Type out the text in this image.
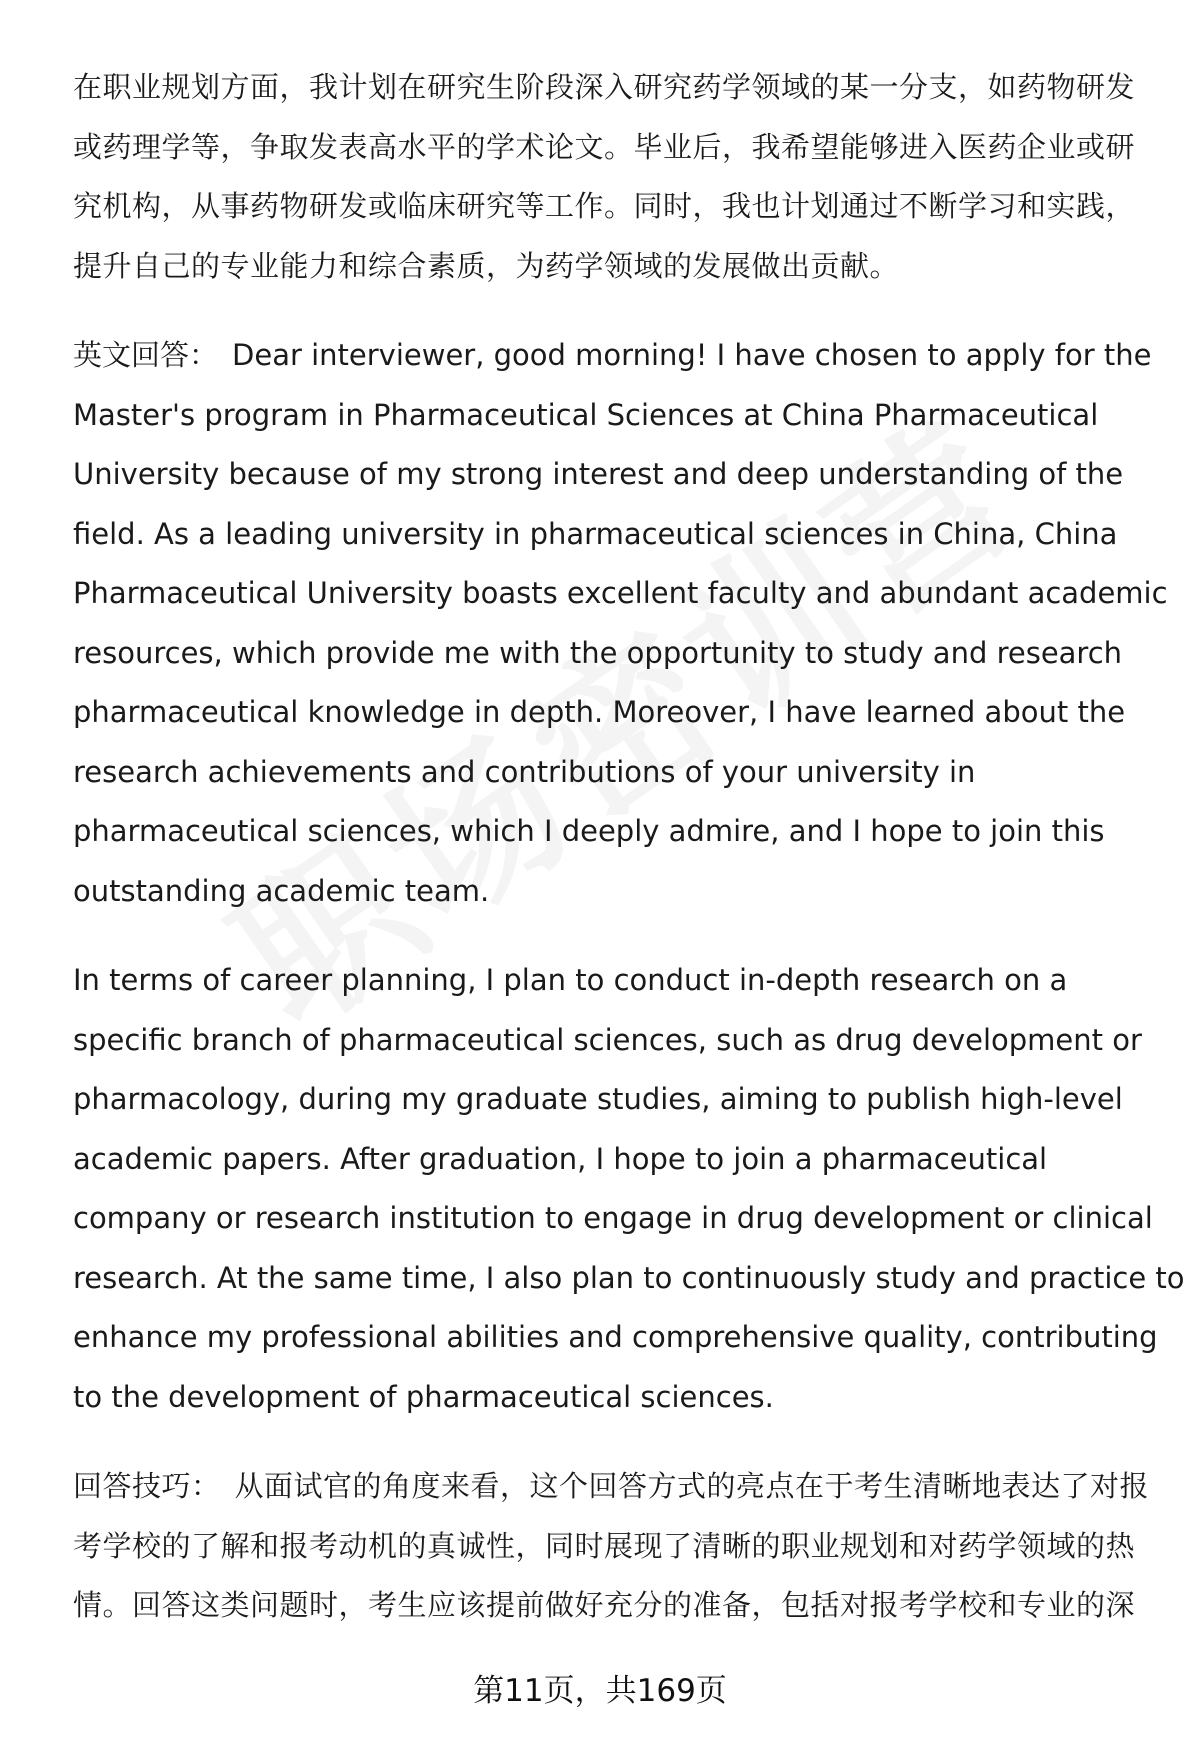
在职业规划方面，我计划在研究生阶段深入研究药学领域的某一分支，如药物研发
或药理学等，争取发表高水平的学术论文。毕业后，我希望能够进入医药企业或研
究机构，从事药物研发或临床研究等工作。同时，我也计划通过不断学习和实践，
提升自己的专业能力和综合素质，为药学领域的发展做出贡献。

英文回答： Dear interviewer, good morning! I have chosen to apply for the
Master's program in Pharmaceutical Sciences at China Pharmaceutical
University because of my strong interest and deep understanding of the
field. As a leading university in pharmaceutical sciences in China, China
Pharmaceutical University boasts excellent faculty and abundant academic
resources, which provide me with the opportunity to study and research
pharmaceutical knowledge in depth. Moreover, I have learned about the
research achievements and contributions of your university in
pharmaceutical sciences, which I deeply admire, and I hope to join this
outstanding academic team.

In terms of career planning, I plan to conduct in-depth research on a
specific branch of pharmaceutical sciences, such as drug development or
pharmacology, during my graduate studies, aiming to publish high-level
academic papers. After graduation, I hope to join a pharmaceutical
company or research institution to engage in drug development or clinical
research. At the same time, I also plan to continuously study and practice to
enhance my professional abilities and comprehensive quality, contributing
to the development of pharmaceutical sciences.

回答技巧： 从面试官的角度来看，这个回答方式的亮点在于考生清晰地表达了对报
考学校的了解和报考动机的真诚性，同时展现了清晰的职业规划和对药学领域的热
情。回答这类问题时，考生应该提前做好充分的准备，包括对报考学校和专业的深

第11页，共169页
